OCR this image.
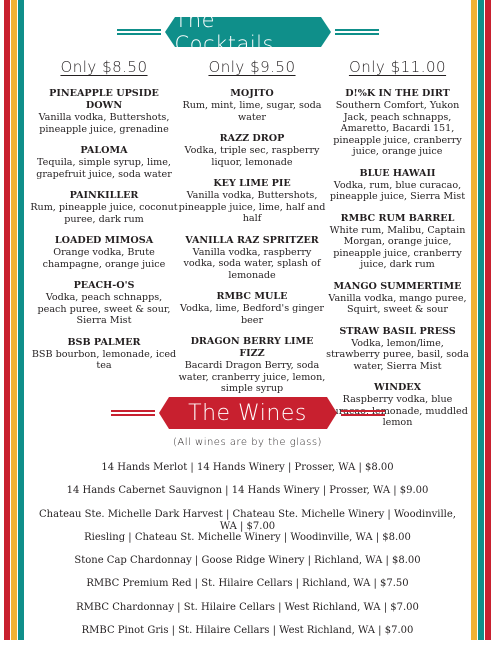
The Cocktails
Only $8.50
PINEAPPLE UPSIDE DOWN
Vanilla vodka, Buttershots, pineapple juice, grenadine
PALOMA
Tequila, simple syrup, lime, grapefruit juice, soda water
PAINKILLER
Rum, pineapple juice, coconut puree, dark rum
LOADED MIMOSA
Orange vodka, Brute champagne, orange juice
PEACH-O'S
Vodka, peach schnapps, peach puree, sweet & sour, Sierra Mist
BSB PALMER
BSB bourbon, lemonade, iced tea
Only $9.50
MOJITO
Rum, mint, lime, sugar, soda water
RAZZ DROP
Vodka, triple sec, raspberry liquor, lemonade
KEY LIME PIE
Vanilla vodka, Buttershots, pineapple juice, lime, half and half
VANILLA RAZ SPRITZER
Vanilla vodka, raspberry vodka, soda water, splash of lemonade
RMBC MULE
Vodka, lime, Bedford's ginger beer
DRAGON BERRY LIME FIZZ
Bacardi Dragon Berry, soda water, cranberry juice, lemon, simple syrup
Only $11.00
D!%K IN THE DIRT
Southern Comfort, Yukon Jack, peach schnapps, Amaretto, Bacardi 151, pineapple juice, cranberry juice, orange juice
BLUE HAWAII
Vodka, rum, blue curacao, pineapple juice, Sierra Mist
RMBC RUM BARREL
White rum, Malibu, Captain Morgan, orange juice, pineapple juice, cranberry juice, dark rum
MANGO SUMMERTIME
Vanilla vodka, mango puree, Squirt, sweet & sour
STRAW BASIL PRESS
Vodka, lemon/lime, strawberry puree, basil, soda water, Sierra Mist
WINDEX
Raspberry vodka, blue curacao, lemonade, muddled lemon
The Wines
(All wines are by the glass)
14 Hands Merlot | 14 Hands Winery | Prosser, WA | $8.00
14 Hands Cabernet Sauvignon | 14 Hands Winery | Prosser, WA | $9.00
Chateau Ste. Michelle Dark Harvest | Chateau Ste. Michelle Winery | Woodinville, WA | $7.00
Riesling | Chateau St. Michelle Winery | Woodinville, WA | $8.00
Stone Cap Chardonnay | Goose Ridge Winery | Richland, WA | $8.00
RMBC Premium Red | St. Hilaire Cellars | Richland, WA | $7.50
RMBC Chardonnay | St. Hilaire Cellars | West Richland, WA | $7.00
RMBC Pinot Gris | St. Hilaire Cellars | West Richland, WA | $7.00
